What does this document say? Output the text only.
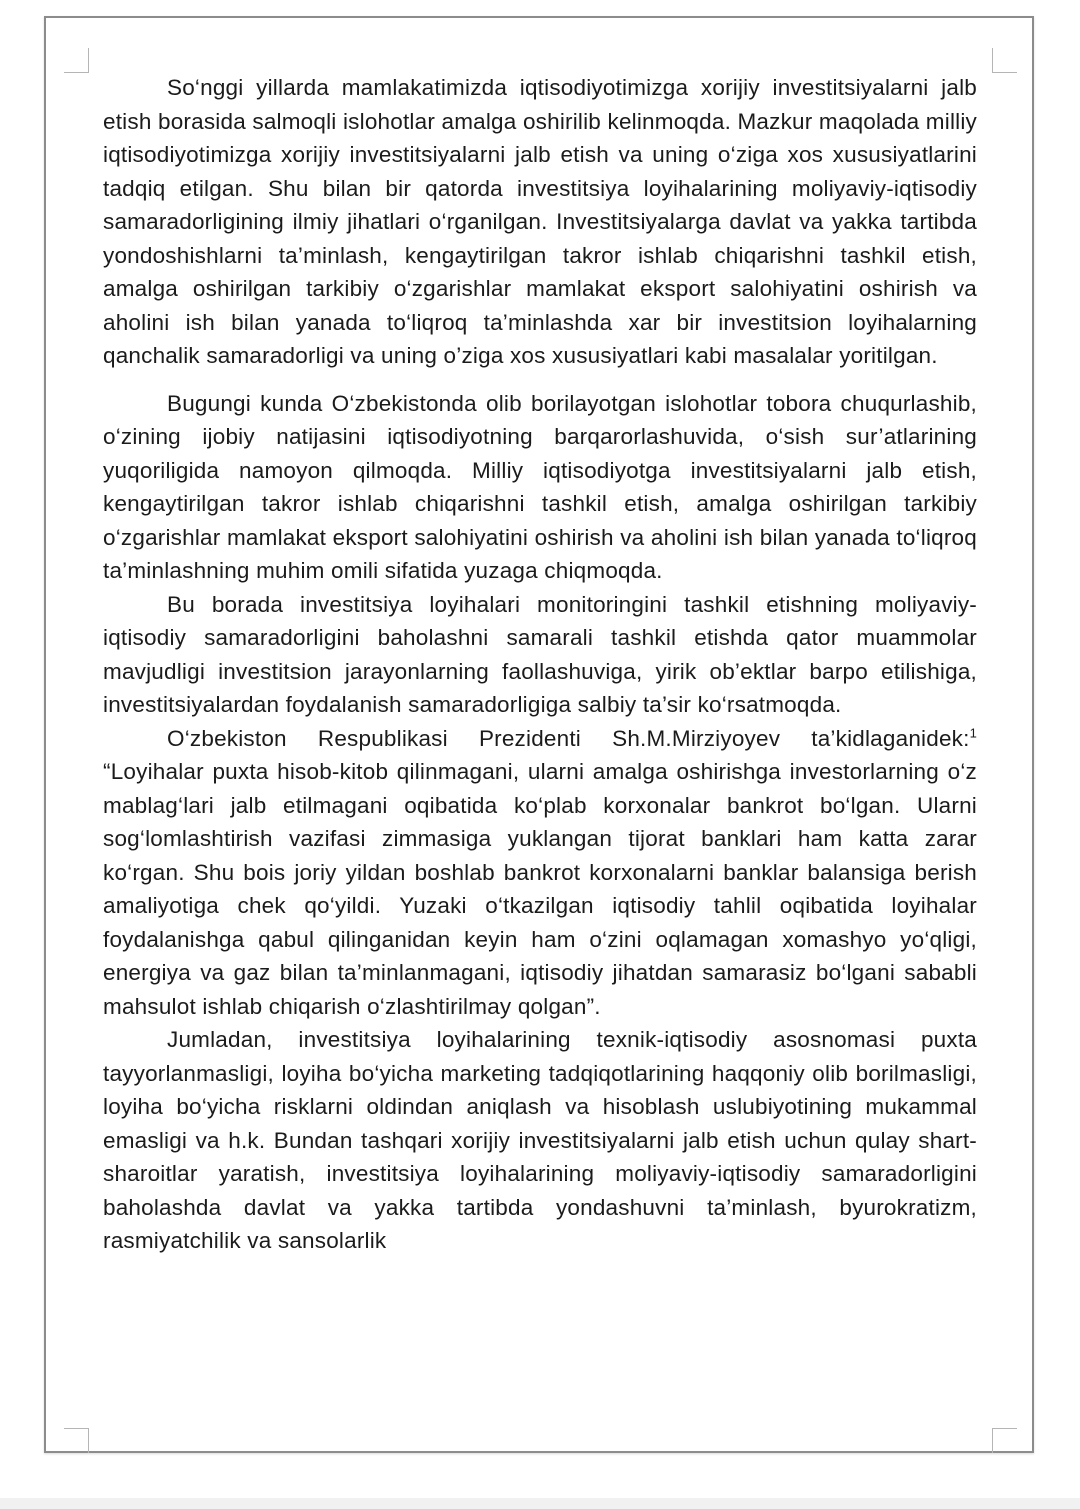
So‘nggi yillarda mamlakatimizda iqtisodiyotimizga xorijiy investitsiyalarni jalb etish borasida salmoqli islohotlar amalga oshirilib kelinmoqda. Mazkur maqolada milliy iqtisodiyotimizga xorijiy investitsiyalarni jalb etish va uning o‘ziga xos xususiyatlarini tadqiq etilgan. Shu bilan bir qatorda investitsiya loyihalarining moliyaviy-iqtisodiy samaradorligining ilmiy jihatlari o‘rganilgan. Investitsiyalarga davlat va yakka tartibda yondoshishlarni ta’minlash, kengaytirilgan takror ishlab chiqarishni tashkil etish, amalga oshirilgan tarkibiy o‘zgarishlar mamlakat eksport salohiyatini oshirish va aholini ish bilan yanada to‘liqroq ta’minlashda xar bir investitsion loyihalarning qanchalik samaradorligi va uning o’ziga xos xususiyatlari kabi masalalar yoritilgan.

Bugungi kunda O‘zbekistonda olib borilayotgan islohotlar tobora chuqurlashib, o‘zining ijobiy natijasini iqtisodiyotning barqarorlashuvida, o‘sish sur’atlarining yuqoriligida namoyon qilmoqda. Milliy iqtisodiyotga investitsiyalarni jalb etish, kengaytirilgan takror ishlab chiqarishni tashkil etish, amalga oshirilgan tarkibiy o‘zgarishlar mamlakat eksport salohiyatini oshirish va aholini ish bilan yanada to‘liqroq ta’minlashning muhim omili sifatida yuzaga chiqmoqda.

Bu borada investitsiya loyihalari monitoringini tashkil etishning moliyaviy- iqtisodiy samaradorligini baholashni samarali tashkil etishda qator muammolar mavjudligi investitsion jarayonlarning faollashuviga, yirik ob’ektlar barpo etilishiga, investitsiyalardan foydalanish samaradorligiga salbiy ta’sir ko‘rsatmoqda.

O‘zbekiston Respublikasi Prezidenti Sh.M.Mirziyoyev ta’kidlaganidek:$^1$ “Loyihalar puxta hisob-kitob qilinmagani, ularni amalga oshirishga investorlarning o‘z mablag‘lari jalb etilmagani oqibatida ko‘plab korxonalar bankrot bo‘lgan. Ularni sog‘lomlashtirish vazifasi zimmasiga yuklangan tijorat banklari ham katta zarar ko‘rgan. Shu bois joriy yildan boshlab bankrot korxonalarni banklar balansiga berish amaliyotiga chek qo‘yildi. Yuzaki o‘tkazilgan iqtisodiy tahlil oqibatida loyihalar foydalanishga qabul qilinganidan keyin ham o‘zini oqlamagan xomashyo yo‘qligi, energiya va gaz bilan ta’minlanmagani, iqtisodiy jihatdan samarasiz bo‘lgani sababli mahsulot ishlab chiqarish o‘zlashtirilmay qolgan”.

Jumladan, investitsiya loyihalarining texnik-iqtisodiy asosnomasi puxta tayyorlanmasligi, loyiha bo‘yicha marketing tadqiqotlarining haqqoniy olib borilmasligi, loyiha bo‘yicha risklarni oldindan aniqlash va hisoblash uslubiyotining mukammal emasligi va h.k. Bundan tashqari xorijiy investitsiyalarni jalb etish uchun qulay shart-sharoitlar yaratish, investitsiya loyihalarining moliyaviy-iqtisodiy samaradorligini baholashda davlat va yakka tartibda yondashuvni ta’minlash, byurokratizm, rasmiyatchilik va sansolarlik
